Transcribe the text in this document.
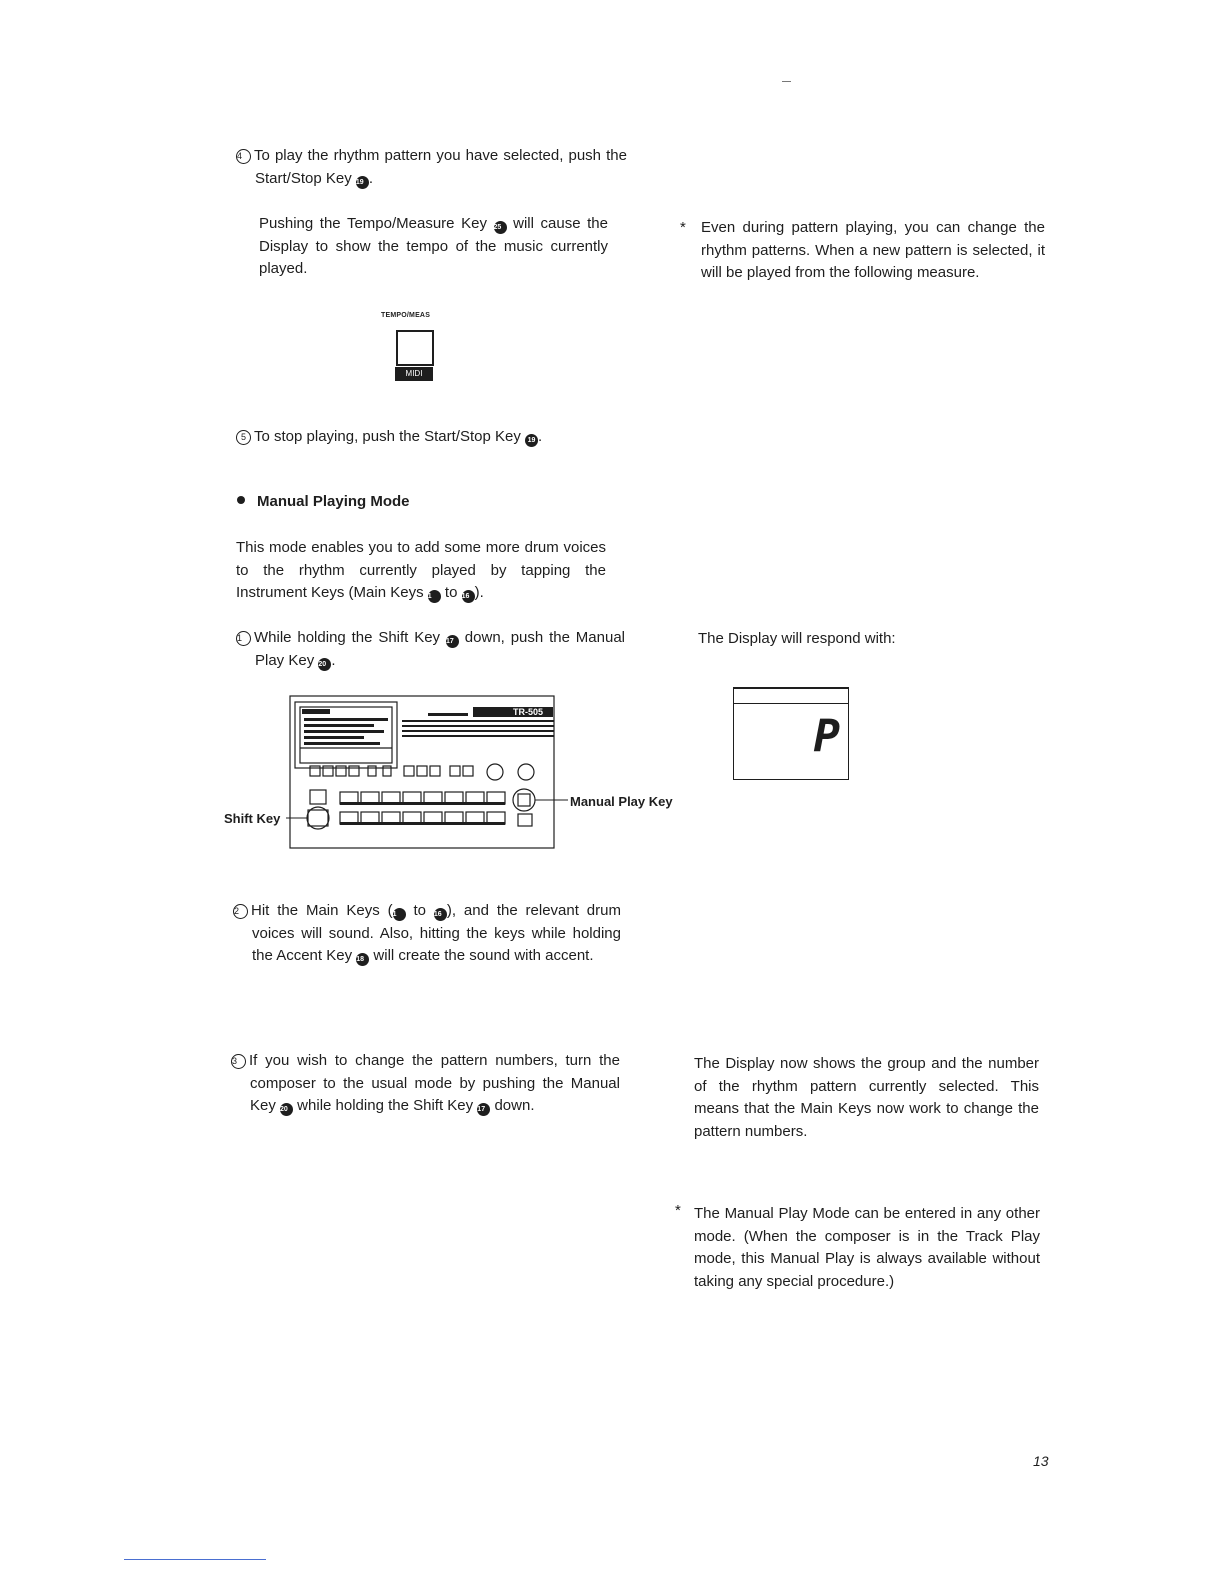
4 To play the rhythm pattern you have selected, push the Start/Stop Key 19 .
Pushing the Tempo/Measure Key 25 will cause the Display to show the tempo of the music currently played.
TEMPO/MEAS
MIDI
5 To stop playing, push the Start/Stop Key 19 .
Manual Playing Mode
This mode enables you to add some more drum voices to the rhythm currently played by tapping the Instrument Keys (Main Keys 1 to 16 ).
1 While holding the Shift Key 17 down, push the Manual Play Key 20 .
TR-505
Shift Key
Manual Play Key
2 Hit the Main Keys (1 to 16 ), and the relevant drum voices will sound. Also, hitting the keys while holding the Accent Key 18 will create the sound with accent.
3 If you wish to change the pattern numbers, turn the composer to the usual mode by pushing the Manual Key 20 while holding the Shift Key 17 down.
* Even during pattern playing, you can change the rhythm patterns. When a new pattern is selected, it will be played from the following measure.
The Display will respond with:
P
The Display now shows the group and the number of the rhythm pattern currently selected. This means that the Main Keys now work to change the pattern numbers.
* The Manual Play Mode can be entered in any other mode. (When the composer is in the Track Play mode, this Manual Play is always available without taking any special procedure.)
13
